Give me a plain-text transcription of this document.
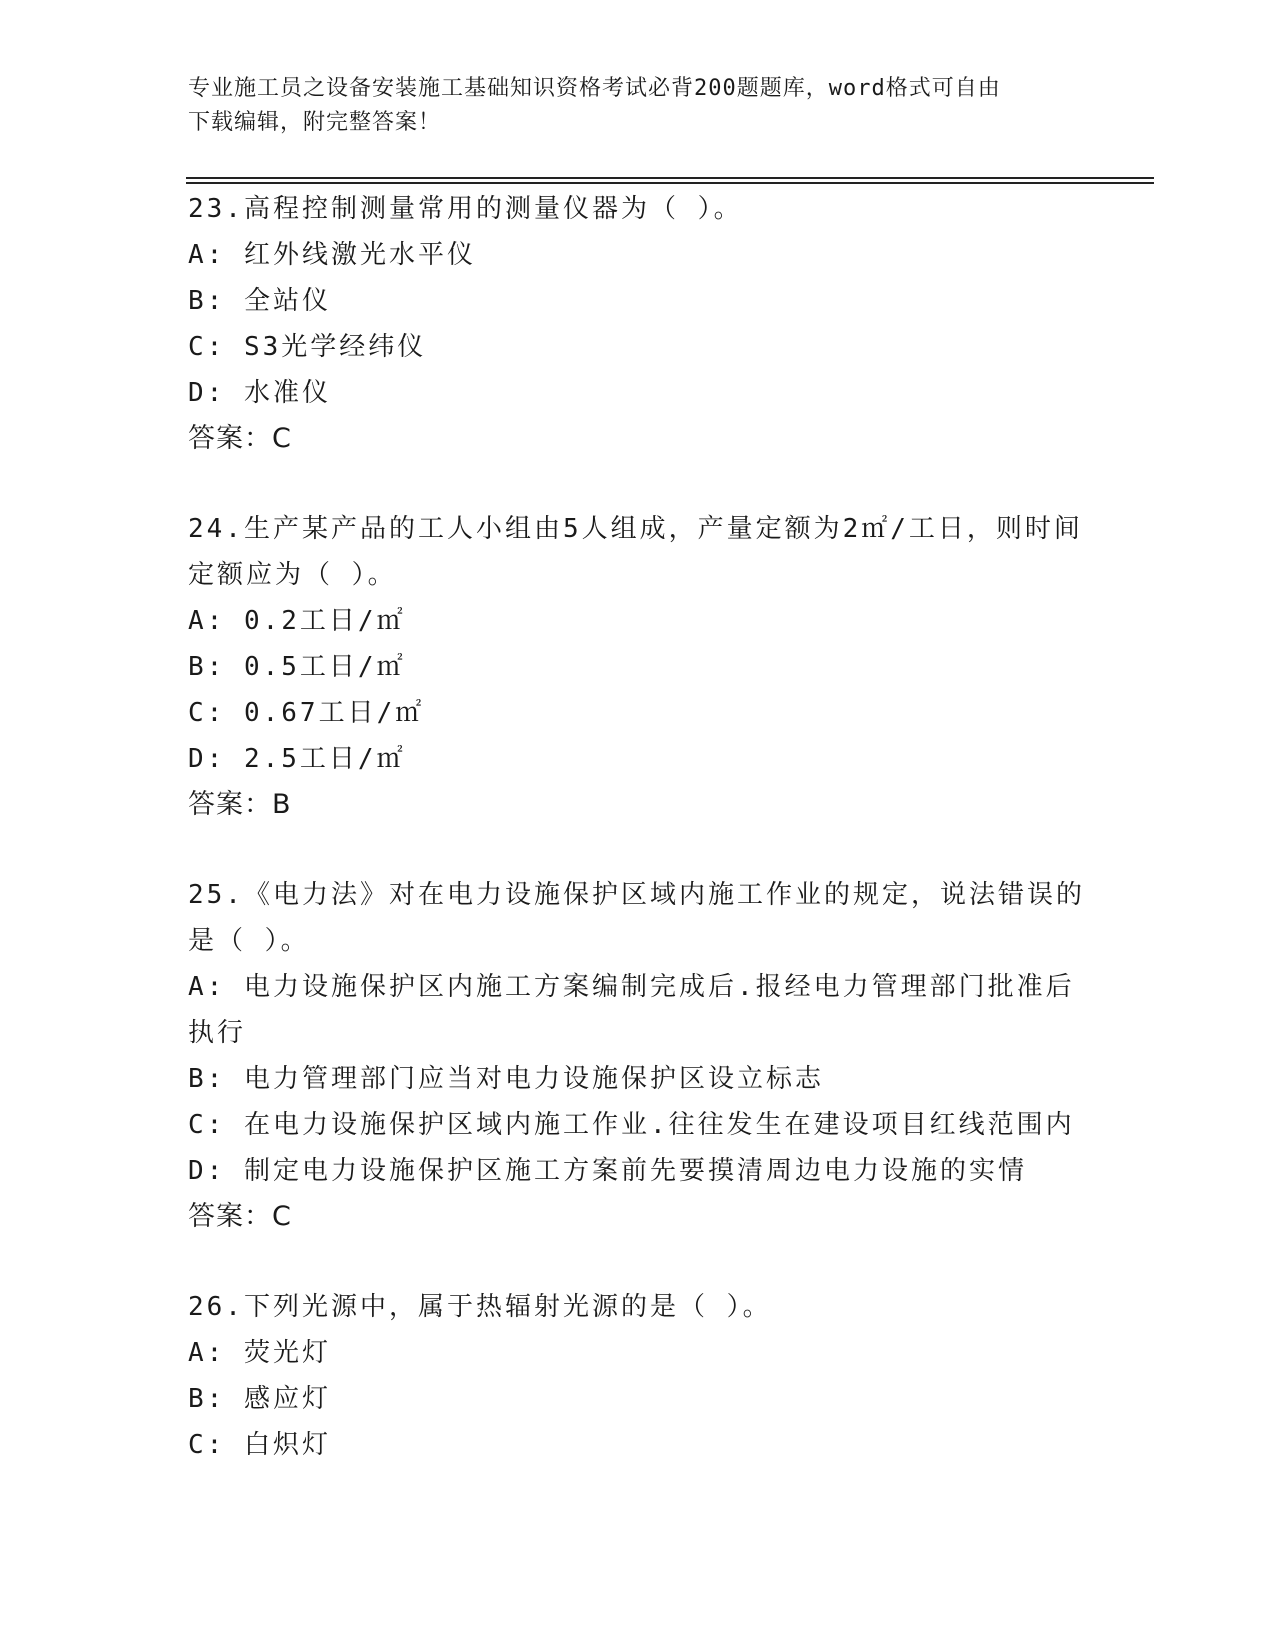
专业施工员之设备安装施工基础知识资格考试必背200题题库，word格式可自由
下载编辑，附完整答案！
23.高程控制测量常用的测量仪器为（ ）。
A: 红外线激光水平仪
B: 全站仪
C: S3光学经纬仪
D: 水准仪
答案：C
24.生产某产品的工人小组由5人组成，产量定额为2㎡/工日，则时间定额应为（ ）。
A: 0.2工日/㎡
B: 0.5工日/㎡
C: 0.67工日/㎡
D: 2.5工日/㎡
答案：B
25.《电力法》对在电力设施保护区域内施工作业的规定，说法错误的是（ ）。
A: 电力设施保护区内施工方案编制完成后.报经电力管理部门批准后执行
B: 电力管理部门应当对电力设施保护区设立标志
C: 在电力设施保护区域内施工作业.往往发生在建设项目红线范围内
D: 制定电力设施保护区施工方案前先要摸清周边电力设施的实情
答案：C
26.下列光源中，属于热辐射光源的是（ ）。
A: 荧光灯
B: 感应灯
C: 白炽灯
